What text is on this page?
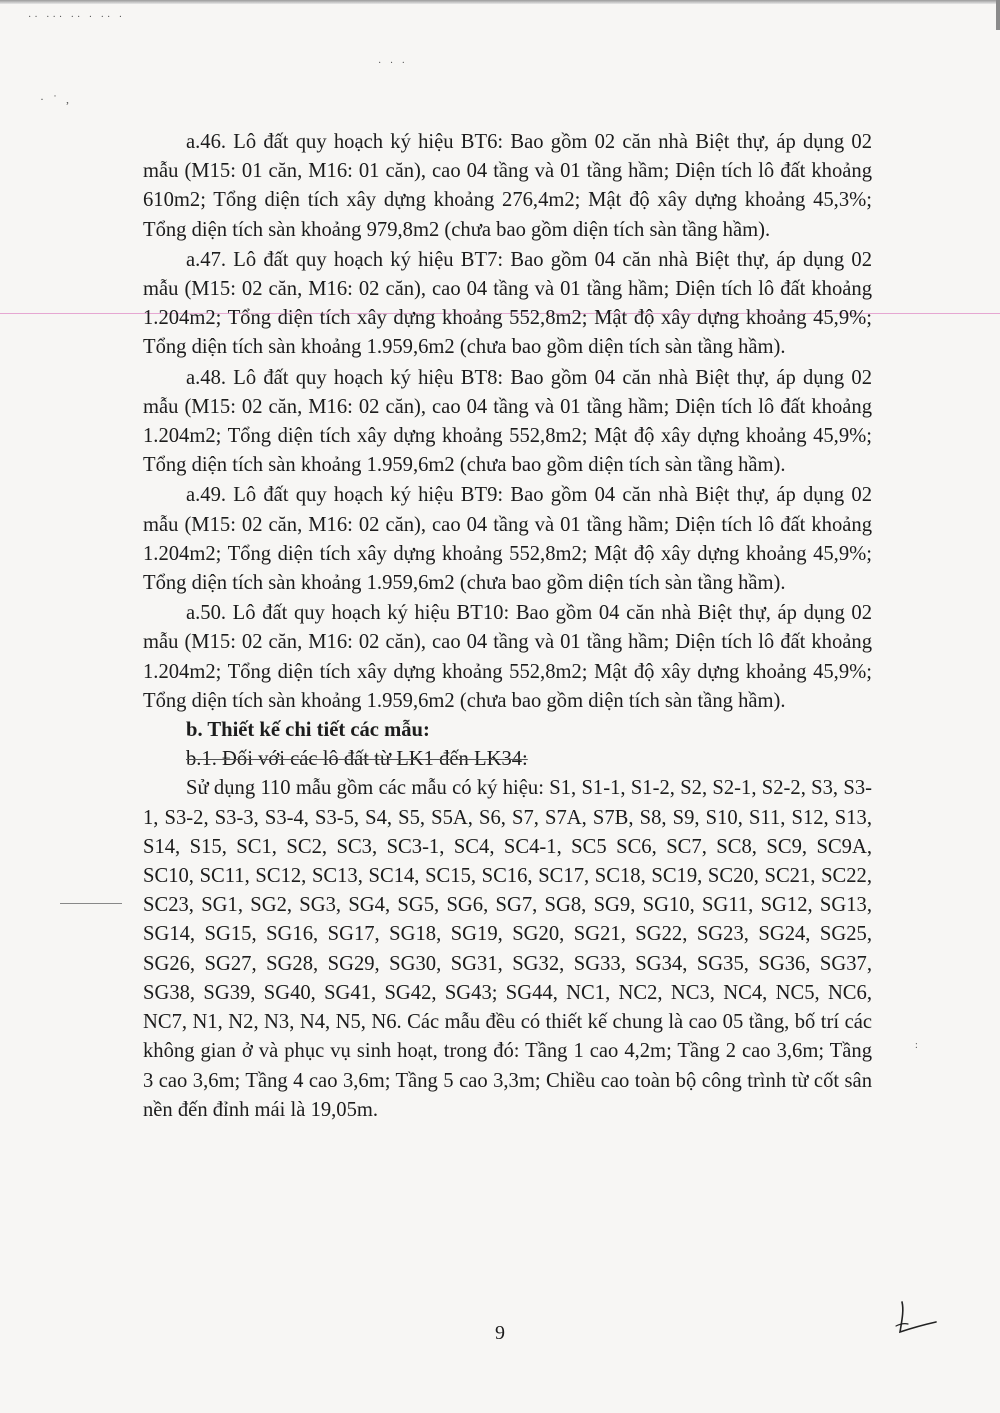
·· ··· ·· · ·· ·
· ˙ ,
· · ·
:

a.46. Lô đất quy hoạch ký hiệu BT6: Bao gồm 02 căn nhà Biệt thự, áp dụng 02 mẫu (M15: 01 căn, M16: 01 căn), cao 04 tầng và 01 tầng hầm; Diện tích lô đất khoảng 610m2; Tổng diện tích xây dựng khoảng 276,4m2; Mật độ xây dựng khoảng 45,3%; Tổng diện tích sàn khoảng 979,8m2 (chưa bao gồm diện tích sàn tầng hầm).

a.47. Lô đất quy hoạch ký hiệu BT7: Bao gồm 04 căn nhà Biệt thự, áp dụng 02 mẫu (M15: 02 căn, M16: 02 căn), cao 04 tầng và 01 tầng hầm; Diện tích lô đất khoảng 1.204m2; Tổng diện tích xây dựng khoảng 552,8m2; Mật độ xây dựng khoảng 45,9%; Tổng diện tích sàn khoảng 1.959,6m2 (chưa bao gồm diện tích sàn tầng hầm).

a.48. Lô đất quy hoạch ký hiệu BT8: Bao gồm 04 căn nhà Biệt thự, áp dụng 02 mẫu (M15: 02 căn, M16: 02 căn), cao 04 tầng và 01 tầng hầm; Diện tích lô đất khoảng 1.204m2; Tổng diện tích xây dựng khoảng 552,8m2; Mật độ xây dựng khoảng 45,9%; Tổng diện tích sàn khoảng 1.959,6m2 (chưa bao gồm diện tích sàn tầng hầm).

a.49. Lô đất quy hoạch ký hiệu BT9: Bao gồm 04 căn nhà Biệt thự, áp dụng 02 mẫu (M15: 02 căn, M16: 02 căn), cao 04 tầng và 01 tầng hầm; Diện tích lô đất khoảng 1.204m2; Tổng diện tích xây dựng khoảng 552,8m2; Mật độ xây dựng khoảng 45,9%; Tổng diện tích sàn khoảng 1.959,6m2 (chưa bao gồm diện tích sàn tầng hầm).

a.50. Lô đất quy hoạch ký hiệu BT10: Bao gồm 04 căn nhà Biệt thự, áp dụng 02 mẫu (M15: 02 căn, M16: 02 căn), cao 04 tầng và 01 tầng hầm; Diện tích lô đất khoảng 1.204m2; Tổng diện tích xây dựng khoảng 552,8m2; Mật độ xây dựng khoảng 45,9%; Tổng diện tích sàn khoảng 1.959,6m2 (chưa bao gồm diện tích sàn tầng hầm).

b. Thiết kế chi tiết các mẫu:

b.1. Đối với các lô đất từ LK1 đến LK34:

Sử dụng 110 mẫu gồm các mẫu có ký hiệu: S1, S1-1, S1-2, S2, S2-1, S2-2, S3, S3-1, S3-2, S3-3, S3-4, S3-5, S4, S5, S5A, S6, S7, S7A, S7B, S8, S9, S10, S11, S12, S13, S14, S15, SC1, SC2, SC3, SC3-1, SC4, SC4-1, SC5 SC6, SC7, SC8, SC9, SC9A, SC10, SC11, SC12, SC13, SC14, SC15, SC16, SC17, SC18, SC19, SC20, SC21, SC22, SC23, SG1, SG2, SG3, SG4, SG5, SG6, SG7, SG8, SG9, SG10, SG11, SG12, SG13, SG14, SG15, SG16, SG17, SG18, SG19, SG20, SG21, SG22, SG23, SG24, SG25, SG26, SG27, SG28, SG29, SG30, SG31, SG32, SG33, SG34, SG35, SG36, SG37, SG38, SG39, SG40, SG41, SG42, SG43; SG44, NC1, NC2, NC3, NC4, NC5, NC6, NC7, N1, N2, N3, N4, N5, N6. Các mẫu đều có thiết kế chung là cao 05 tầng, bố trí các không gian ở và phục vụ sinh hoạt, trong đó: Tầng 1 cao 4,2m; Tầng 2 cao 3,6m; Tầng 3 cao 3,6m; Tầng 4 cao 3,6m; Tầng 5 cao 3,3m; Chiều cao toàn bộ công trình từ cốt sân nền đến đỉnh mái là 19,05m.

9
